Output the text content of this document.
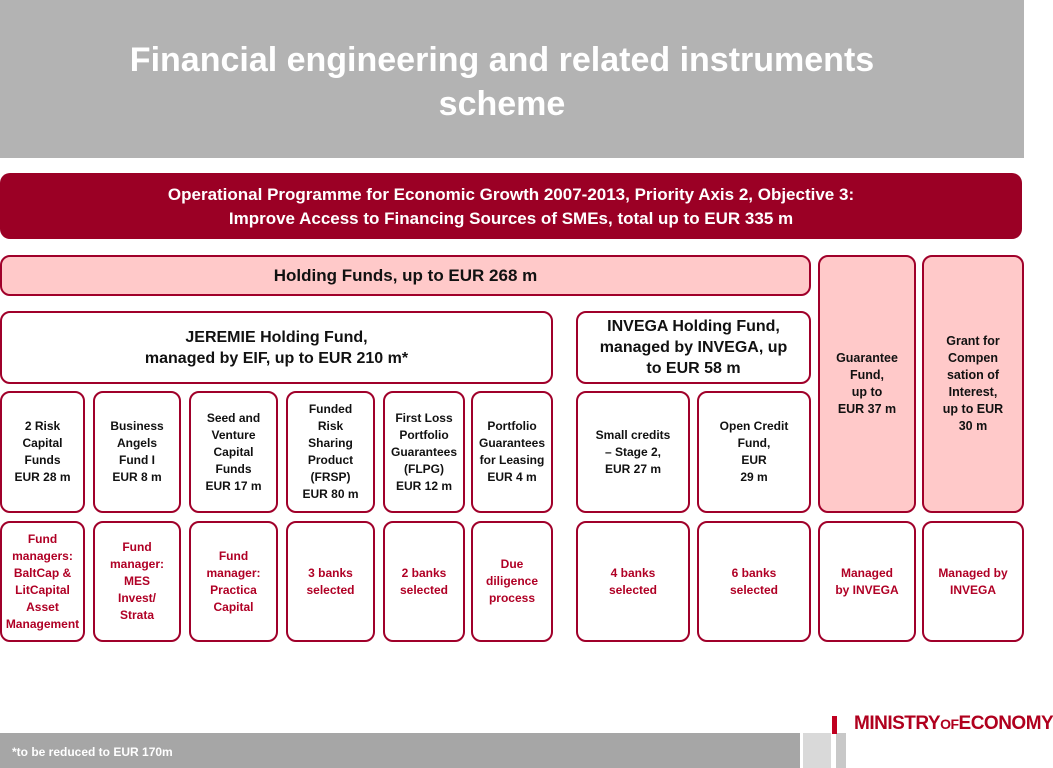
Financial engineering and related instruments
scheme
Operational Programme for Economic Growth 2007-2013, Priority Axis 2, Objective 3:
Improve Access to Financing Sources of SMEs, total up to EUR 335 m
Holding Funds, up to EUR 268 m
Guarantee
Fund,
up to
EUR 37 m
Grant for
Compen
sation of
Interest,
up to EUR
30 m
JEREMIE Holding Fund,
managed by EIF, up to EUR 210 m*
INVEGA Holding Fund,
managed by INVEGA, up
to EUR 58 m
2 Risk
Capital
Funds
EUR 28 m
Business
Angels
Fund I
EUR 8 m
Seed and
Venture
Capital
Funds
EUR 17 m
Funded
Risk
Sharing
Product
(FRSP)
EUR 80 m
First Loss
Portfolio
Guarantees
(FLPG)
EUR 12 m
Portfolio
Guarantees
for Leasing
EUR 4 m
Small credits
– Stage 2,
EUR 27 m
Open Credit
Fund,
EUR
29 m
Fund
managers:
BaltCap &
LitCapital
Asset
Management
Fund
manager:
MES
Invest/
Strata
Fund
manager:
Practica
Capital
3 banks
selected
2 banks
selected
Due
diligence
process
4 banks
selected
6 banks
selected
Managed
by INVEGA
Managed by
INVEGA
*to be reduced to EUR 170m
MINISTRYOFECONOMY
